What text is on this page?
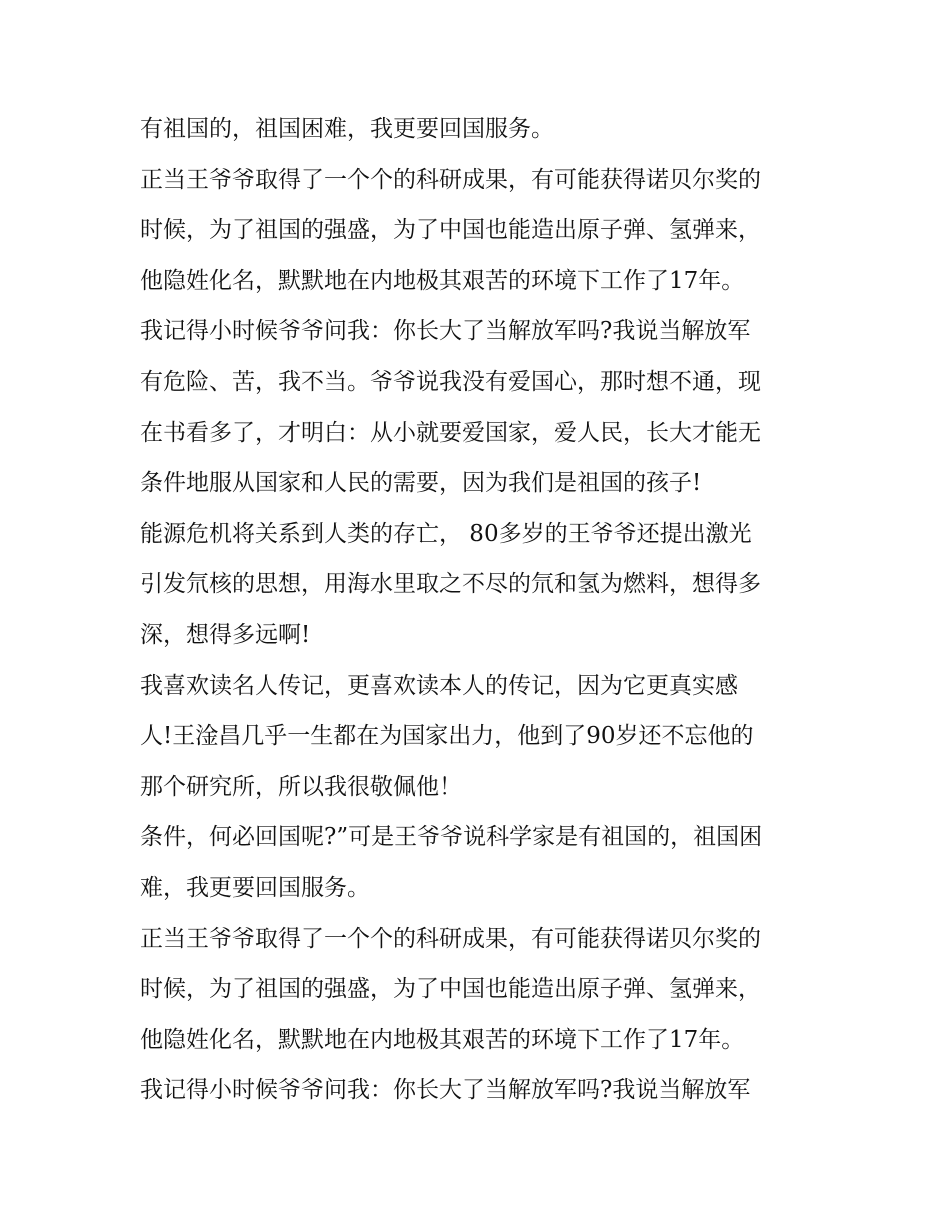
有祖国的，祖国困难，我更要回国服务。
正当王爷爷取得了一个个的科研成果，有可能获得诺贝尔奖的
时候，为了祖国的强盛，为了中国也能造出原子弹、氢弹来，
他隐姓化名，默默地在内地极其艰苦的环境下工作了17年。
我记得小时候爷爷问我：你长大了当解放军吗?我说当解放军
有危险、苦，我不当。爷爷说我没有爱国心，那时想不通，现
在书看多了，才明白：从小就要爱国家，爱人民，长大才能无
条件地服从国家和人民的需要，因为我们是祖国的孩子!
能源危机将关系到人类的存亡， 80多岁的王爷爷还提出激光
引发氘核的思想，用海水里取之不尽的氘和氢为燃料，想得多
深，想得多远啊!
我喜欢读名人传记，更喜欢读本人的传记，因为它更真实感
人!王淦昌几乎一生都在为国家出力，他到了90岁还不忘他的
那个研究所，所以我很敬佩他！
条件，何必回国呢?”可是王爷爷说科学家是有祖国的，祖国困
难，我更要回国服务。
正当王爷爷取得了一个个的科研成果，有可能获得诺贝尔奖的
时候，为了祖国的强盛，为了中国也能造出原子弹、氢弹来，
他隐姓化名，默默地在内地极其艰苦的环境下工作了17年。
我记得小时候爷爷问我：你长大了当解放军吗?我说当解放军
